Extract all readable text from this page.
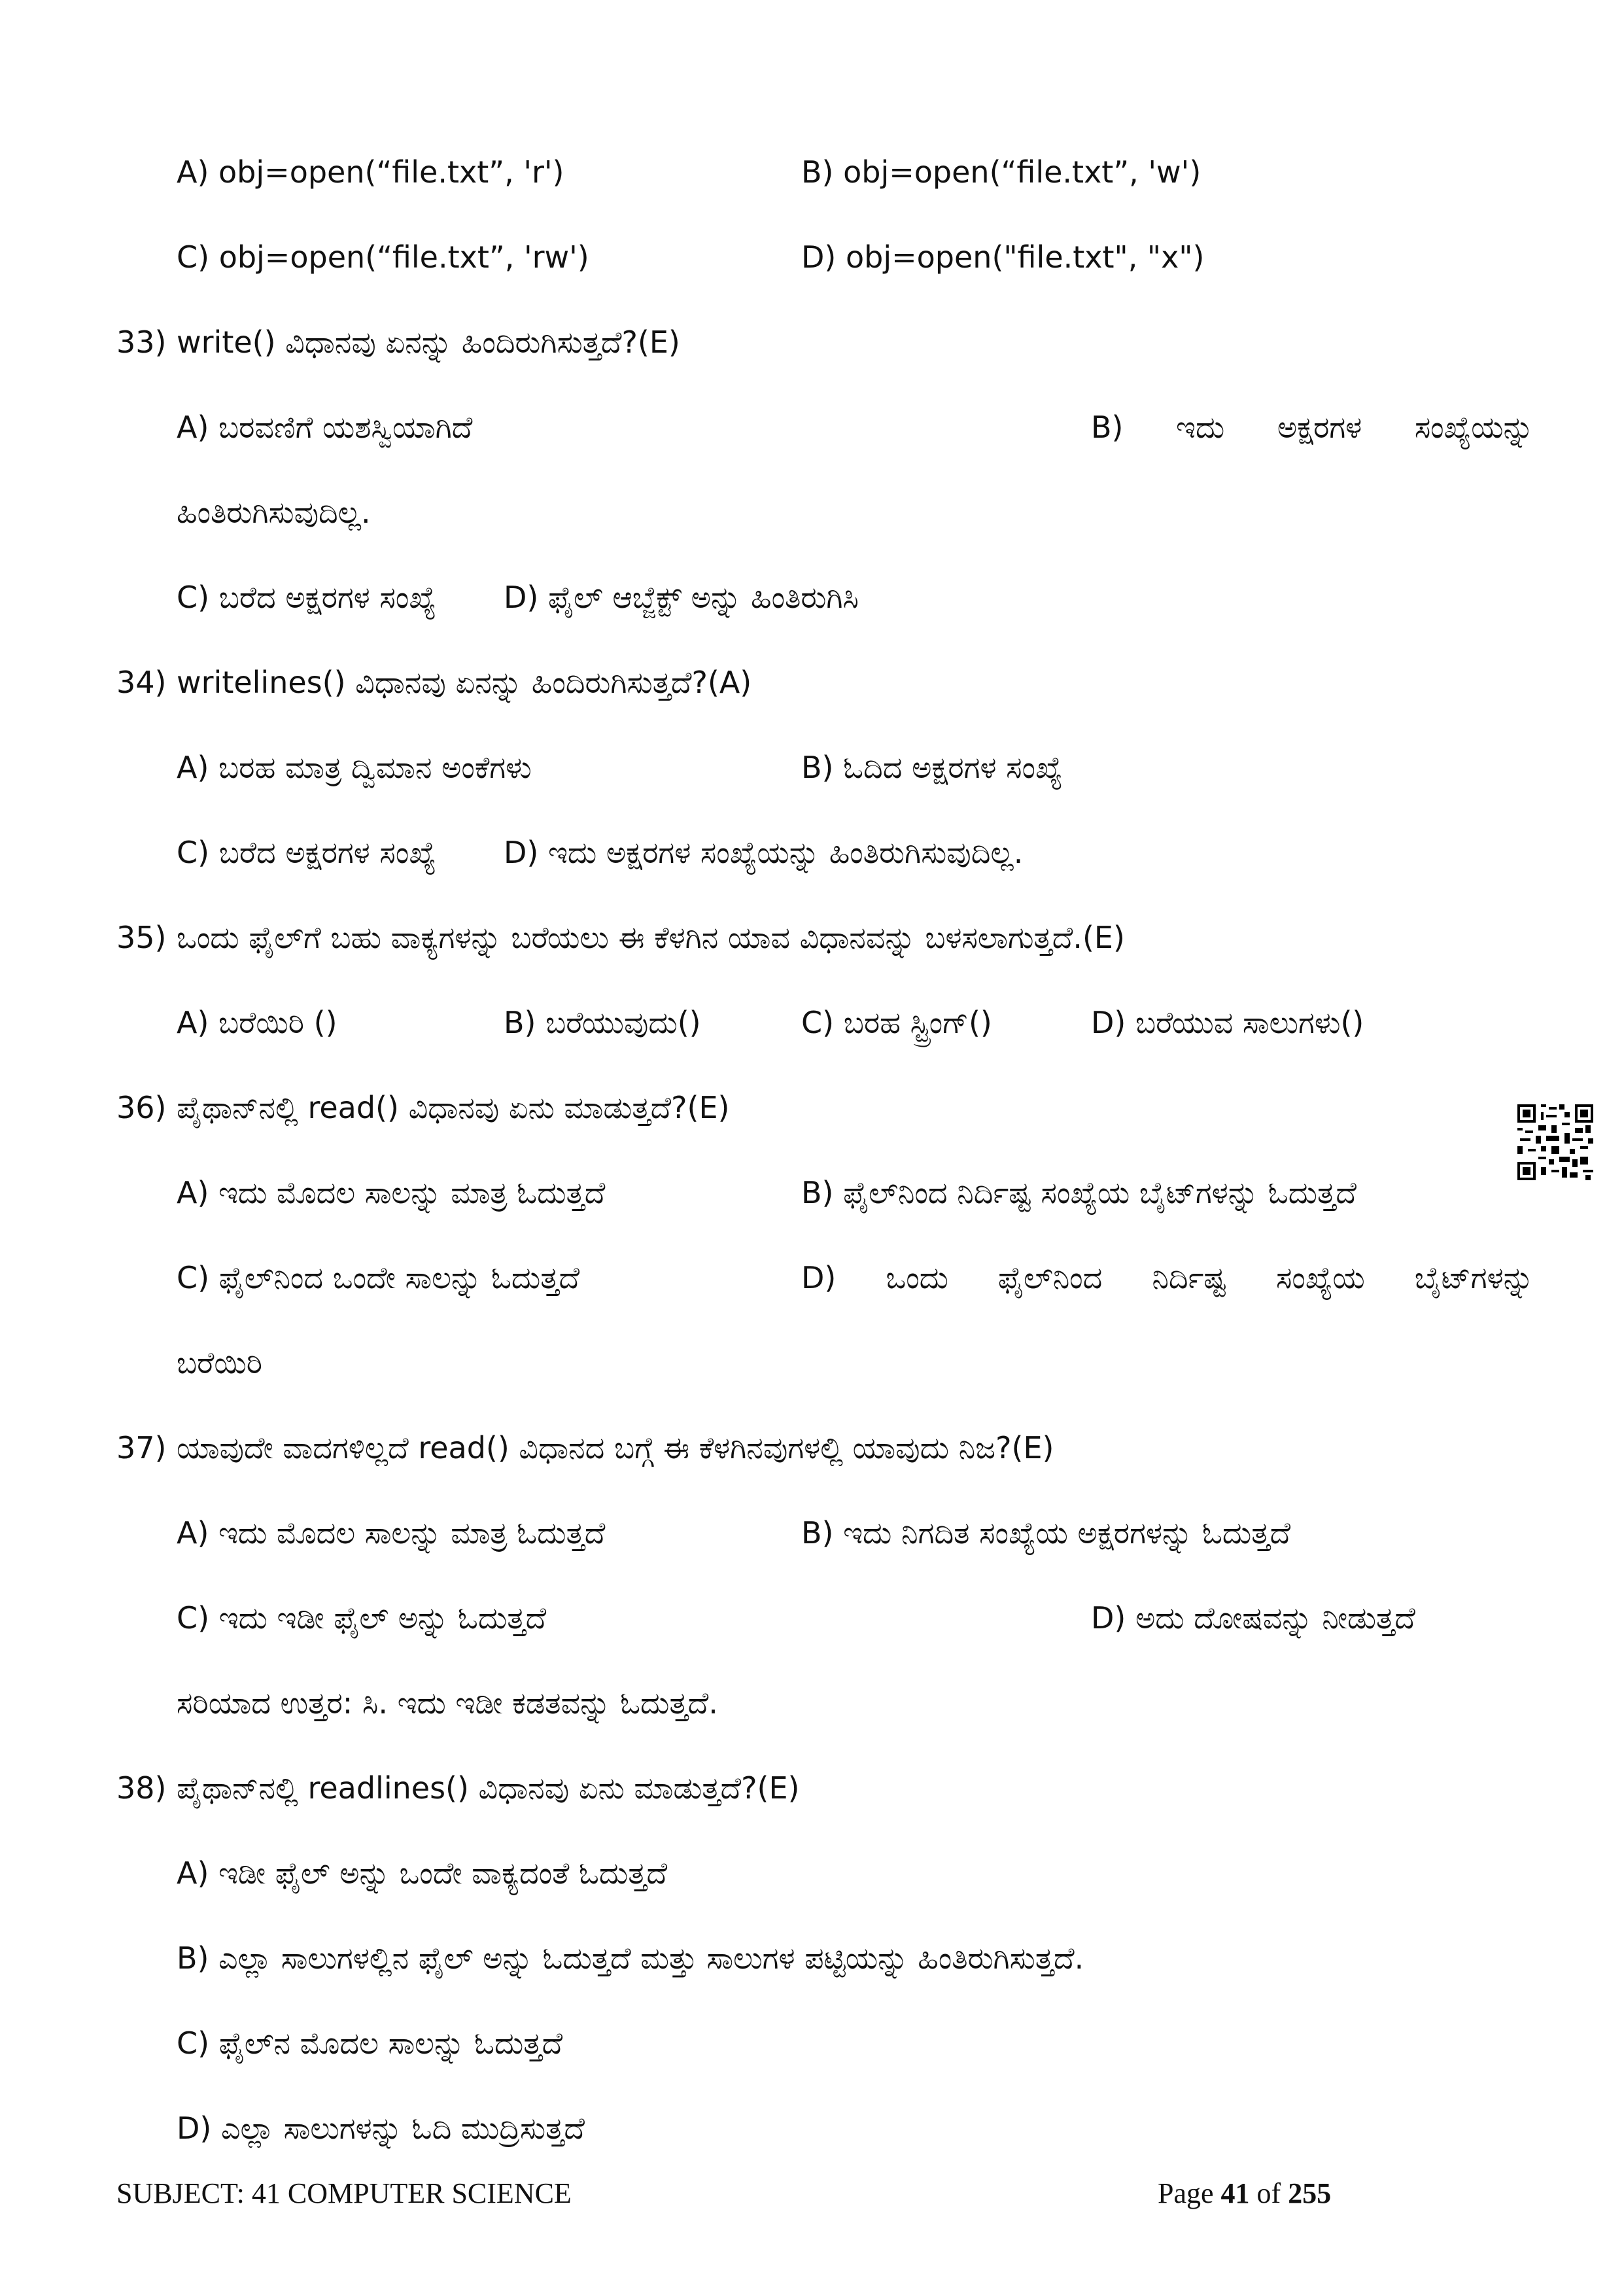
A) obj=open(“file.txt”, 'r')	B) obj=open(“file.txt”, 'w')
C) obj=open(“file.txt”, 'rw')	D) obj=open("file.txt", "x")
33) write() ವಿಧಾನವು ಏನನ್ನು ಹಿಂದಿರುಗಿಸುತ್ತದೆ?(E)
A) ಬರವಣಿಗೆ ಯಶಸ್ವಿಯಾಗಿದೆ	B) ಇದು ಅಕ್ಷರಗಳ ಸಂಖ್ಯೆಯನ್ನು
ಹಿಂತಿರುಗಿಸುವುದಿಲ್ಲ.
C) ಬರೆದ ಅಕ್ಷರಗಳ ಸಂಖ್ಯೆ D) ಫೈಲ್ ಆಬ್ಜೆಕ್ಟ್ ಅನ್ನು ಹಿಂತಿರುಗಿಸಿ
34) writelines() ವಿಧಾನವು ಏನನ್ನು ಹಿಂದಿರುಗಿಸುತ್ತದೆ?(A)
A) ಬರಹ ಮಾತ್ರ ದ್ವಿಮಾನ ಅಂಕೆಗಳು	B) ಓದಿದ ಅಕ್ಷರಗಳ ಸಂಖ್ಯೆ
C) ಬರೆದ ಅಕ್ಷರಗಳ ಸಂಖ್ಯೆ D) ಇದು ಅಕ್ಷರಗಳ ಸಂಖ್ಯೆಯನ್ನು ಹಿಂತಿರುಗಿಸುವುದಿಲ್ಲ.
35) ಒಂದು ಫೈಲ್‌ಗೆ ಬಹು ವಾಕ್ಯಗಳನ್ನು ಬರೆಯಲು ಈ ಕೆಳಗಿನ ಯಾವ ವಿಧಾನವನ್ನು ಬಳಸಲಾಗುತ್ತದೆ.(E)
A) ಬರೆಯಿರಿ ()	B) ಬರೆಯುವುದು()	C) ಬರಹ ಸ್ಟ್ರಿಂಗ್()	D) ಬರೆಯುವ ಸಾಲುಗಳು()
36) ಪೈಥಾನ್‌ನಲ್ಲಿ read() ವಿಧಾನವು ಏನು ಮಾಡುತ್ತದೆ?(E)
A) ಇದು ಮೊದಲ ಸಾಲನ್ನು ಮಾತ್ರ ಓದುತ್ತದೆ	B) ಫೈಲ್‌ನಿಂದ ನಿರ್ದಿಷ್ಟ ಸಂಖ್ಯೆಯ ಬೈಟ್‌ಗಳನ್ನು ಓದುತ್ತದೆ
C) ಫೈಲ್‌ನಿಂದ ಒಂದೇ ಸಾಲನ್ನು ಓದುತ್ತದೆ	D) ಒಂದು ಫೈಲ್‌ನಿಂದ ನಿರ್ದಿಷ್ಟ ಸಂಖ್ಯೆಯ ಬೈಟ್‌ಗಳನ್ನು
ಬರೆಯಿರಿ
37) ಯಾವುದೇ ವಾದಗಳಿಲ್ಲದೆ read() ವಿಧಾನದ ಬಗ್ಗೆ ಈ ಕೆಳಗಿನವುಗಳಲ್ಲಿ ಯಾವುದು ನಿಜ?(E)
A) ಇದು ಮೊದಲ ಸಾಲನ್ನು ಮಾತ್ರ ಓದುತ್ತದೆ	B) ಇದು ನಿಗದಿತ ಸಂಖ್ಯೆಯ ಅಕ್ಷರಗಳನ್ನು ಓದುತ್ತದೆ
C) ಇದು ಇಡೀ ಫೈಲ್ ಅನ್ನು ಓದುತ್ತದೆ	D) ಅದು ದೋಷವನ್ನು ನೀಡುತ್ತದೆ
ಸರಿಯಾದ ಉತ್ತರ: ಸಿ. ಇದು ಇಡೀ ಕಡತವನ್ನು ಓದುತ್ತದೆ.
38) ಪೈಥಾನ್‌ನಲ್ಲಿ readlines() ವಿಧಾನವು ಏನು ಮಾಡುತ್ತದೆ?(E)
A) ಇಡೀ ಫೈಲ್ ಅನ್ನು ಒಂದೇ ವಾಕ್ಯದಂತೆ ಓದುತ್ತದೆ
B) ಎಲ್ಲಾ ಸಾಲುಗಳಲ್ಲಿನ ಫೈಲ್ ಅನ್ನು ಓದುತ್ತದೆ ಮತ್ತು ಸಾಲುಗಳ ಪಟ್ಟಿಯನ್ನು ಹಿಂತಿರುಗಿಸುತ್ತದೆ.
C) ಫೈಲ್‌ನ ಮೊದಲ ಸಾಲನ್ನು ಓದುತ್ತದೆ
D) ಎಲ್ಲಾ ಸಾಲುಗಳನ್ನು ಓದಿ ಮುದ್ರಿಸುತ್ತದೆ
SUBJECT: 41 COMPUTER SCIENCE	Page 41 of 255
